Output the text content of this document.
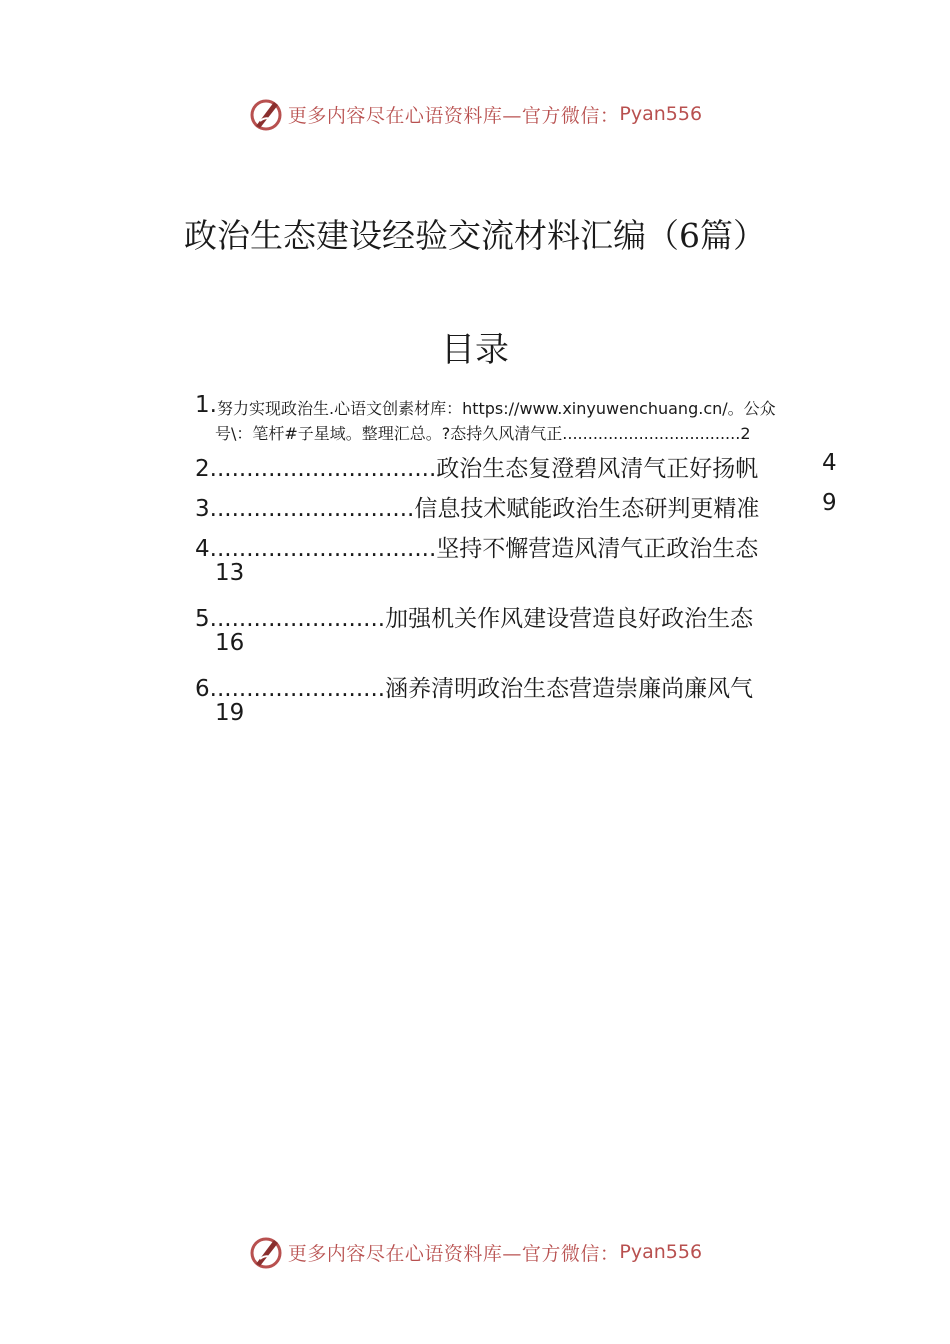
更多内容尽在心语资料库—官方微信： Pyan556
政治生态建设经验交流材料汇编（6篇）
目录
1. 努力实现政治生.心语文创素材库：https://www.xinyuwenchuang.cn/。公众
号\：笔杆#子星域。整理汇总。?态持久风清气正...................................2
2...............................政治生态复澄碧风清气正好扬帆	4
3............................信息技术赋能政治生态研判更精准	9
4...............................坚持不懈营造风清气正政治生态
13
5........................加强机关作风建设营造良好政治生态
16
6........................涵养清明政治生态营造崇廉尚廉风气
19
更多内容尽在心语资料库—官方微信： Pyan556
